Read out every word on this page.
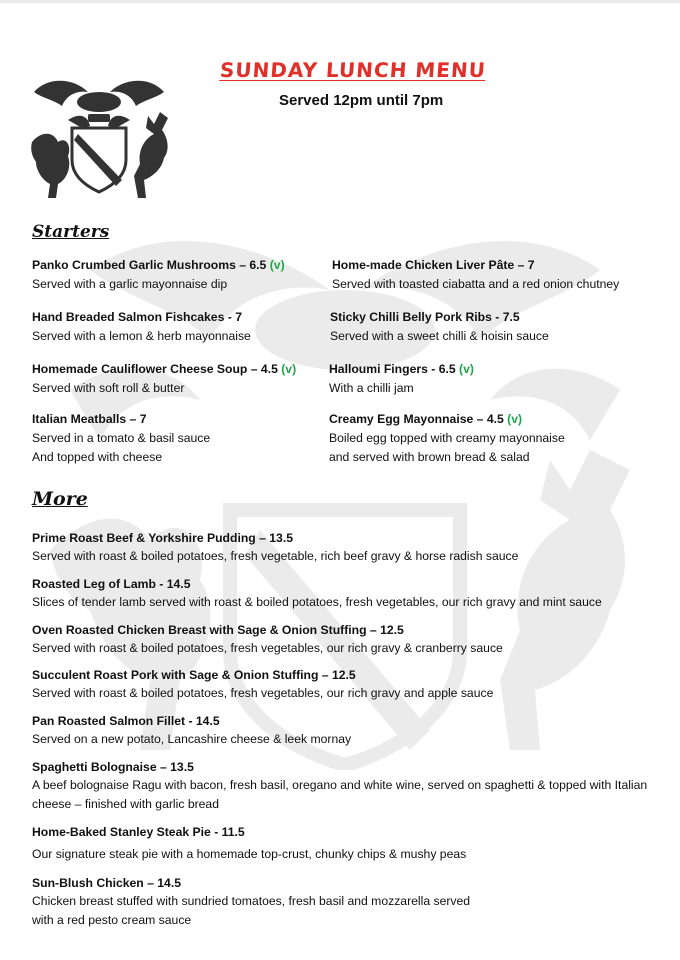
SUNDAY LUNCH MENU
Served 12pm until 7pm
Starters
Panko Crumbed Garlic Mushrooms – 6.5 (v)
Served with a garlic mayonnaise dip
Home-made Chicken Liver Pâte – 7
Served with toasted ciabatta and a red onion chutney
Hand Breaded Salmon Fishcakes - 7
Served with a lemon & herb mayonnaise
Sticky Chilli Belly Pork Ribs - 7.5
Served with a sweet chilli & hoisin sauce
Homemade Cauliflower Cheese Soup – 4.5 (v)
Served with soft roll & butter
Halloumi Fingers - 6.5 (v)
With a chilli jam
Italian Meatballs – 7
Served in a tomato & basil sauce
And topped with cheese
Creamy Egg Mayonnaise – 4.5 (v)
Boiled egg topped with creamy mayonnaise
and served with brown bread & salad
More
Prime Roast Beef & Yorkshire Pudding – 13.5
Served with roast & boiled potatoes, fresh vegetable, rich beef gravy & horse radish sauce
Roasted Leg of Lamb - 14.5
Slices of tender lamb served with roast & boiled potatoes, fresh vegetables, our rich gravy and mint sauce
Oven Roasted Chicken Breast with Sage & Onion Stuffing – 12.5
Served with roast & boiled potatoes, fresh vegetables, our rich gravy & cranberry sauce
Succulent Roast Pork with Sage & Onion Stuffing – 12.5
Served with roast & boiled potatoes, fresh vegetables, our rich gravy and apple sauce
Pan Roasted Salmon Fillet - 14.5
Served on a new potato, Lancashire cheese & leek mornay
Spaghetti Bolognaise – 13.5
A beef bolognaise Ragu with bacon, fresh basil, oregano and white wine, served on spaghetti & topped with Italian cheese – finished with garlic bread
Home-Baked Stanley Steak Pie - 11.5
Our signature steak pie with a homemade top-crust, chunky chips & mushy peas
Sun-Blush Chicken – 14.5
Chicken breast stuffed with sundried tomatoes, fresh basil and mozzarella served with a red pesto cream sauce
